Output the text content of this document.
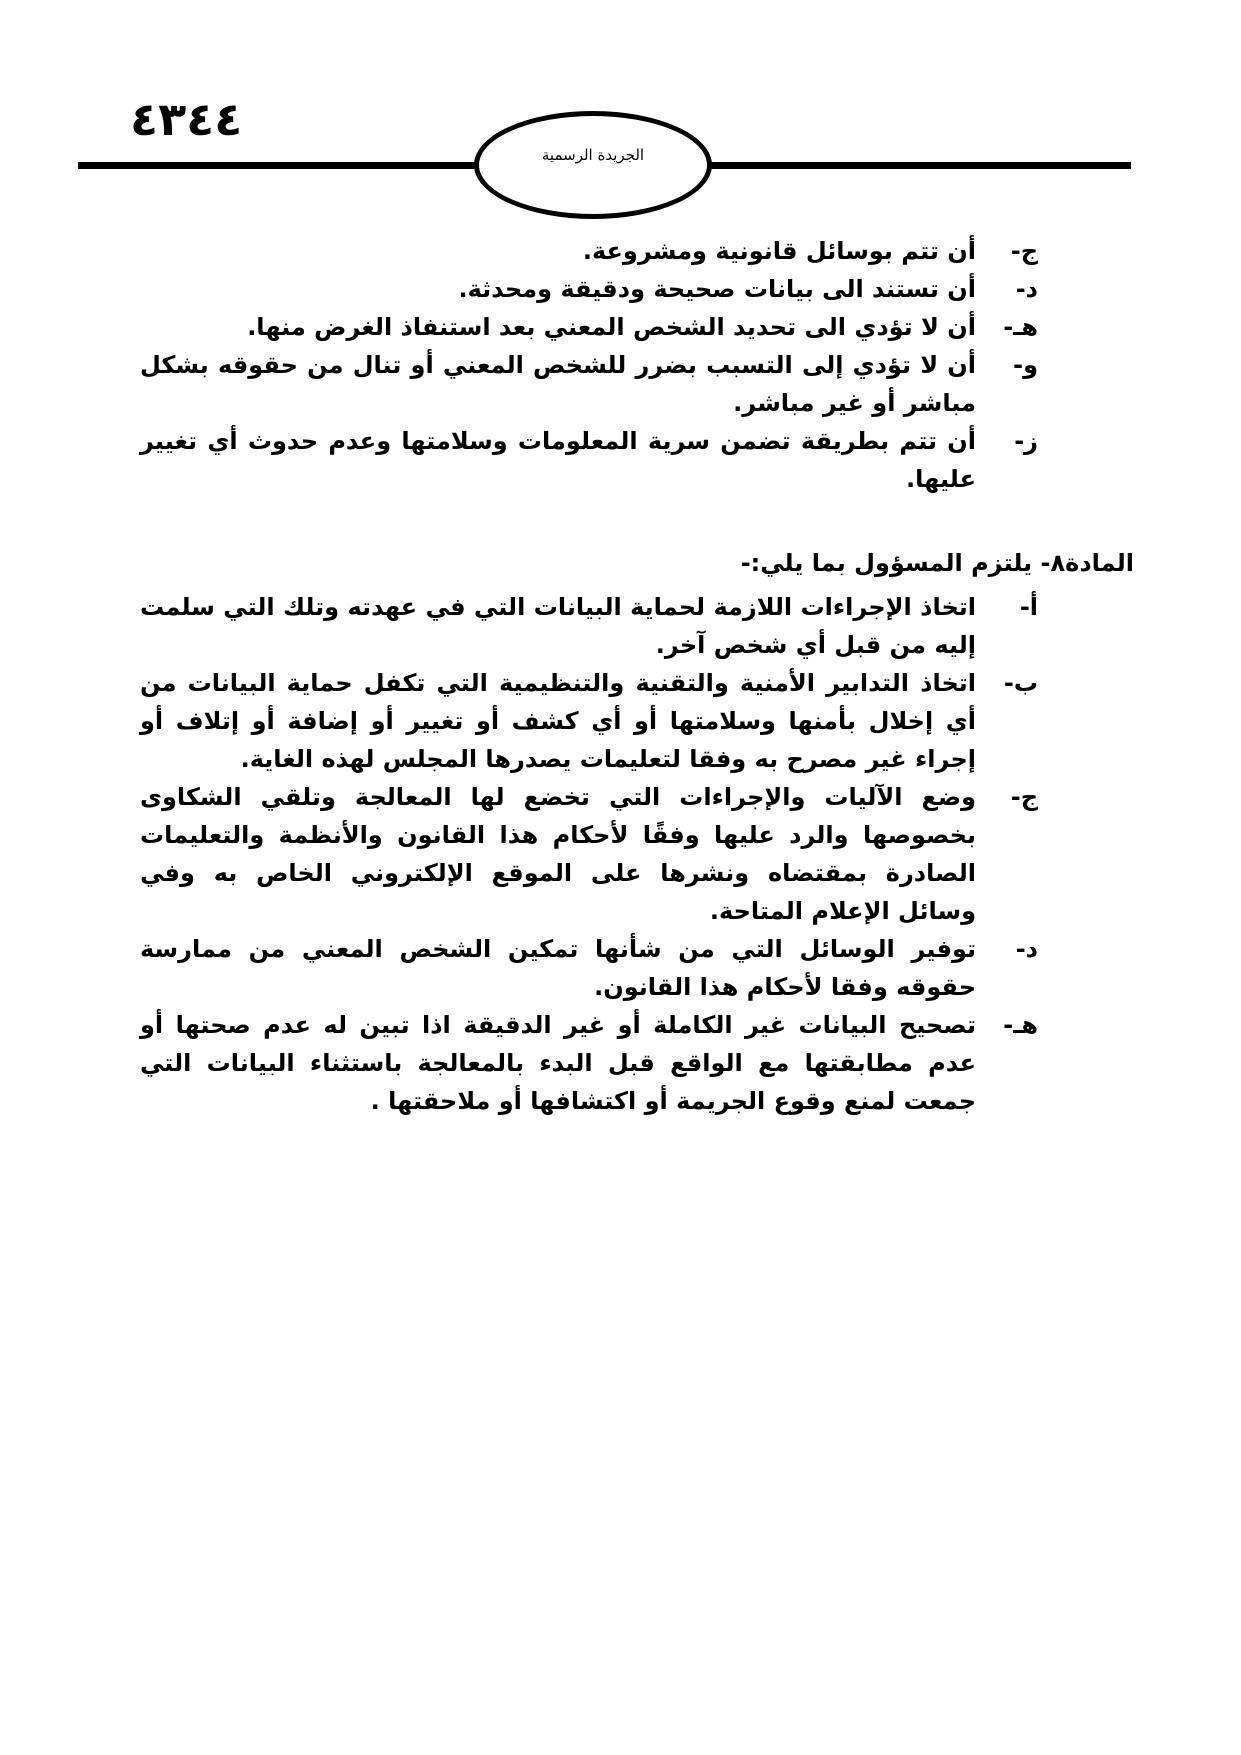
٤٣٤٤
الجريدة الرسمية
ج-
أن تتم بوسائل قانونية ومشروعة.
د-
أن تستند الى بيانات صحيحة ودقيقة ومحدثة.
هـ-
أن لا تؤدي الى تحديد الشخص المعني بعد استنفاذ الغرض منها.
و-
أن لا تؤدي إلى التسبب بضرر للشخص المعني أو تنال من حقوقه بشكل مباشر أو غير مباشر.
ز-
أن تتم بطريقة تضمن سرية المعلومات وسلامتها وعدم حدوث أي تغيير عليها.
المادة٨- يلتزم المسؤول بما يلي:-
أ-
اتخاذ الإجراءات اللازمة لحماية البيانات التي في عهدته وتلك التي سلمت إليه من قبل أي شخص آخر.
ب-
اتخاذ التدابير الأمنية والتقنية والتنظيمية التي تكفل حماية البيانات من أي إخلال بأمنها وسلامتها أو أي كشف أو تغيير أو إضافة أو إتلاف أو إجراء غير مصرح به وفقا لتعليمات يصدرها المجلس لهذه الغاية.
ج-
وضع الآليات والإجراءات التي تخضع لها المعالجة وتلقي الشكاوى بخصوصها والرد عليها وفقًا لأحكام هذا القانون والأنظمة والتعليمات الصادرة بمقتضاه ونشرها على الموقع الإلكتروني الخاص به وفي وسائل الإعلام المتاحة.
د-
توفير الوسائل التي من شأنها تمكين الشخص المعني من ممارسة حقوقه وفقا لأحكام هذا القانون.
هـ-
تصحيح البيانات غير الكاملة أو غير الدقيقة اذا تبين له عدم صحتها أو عدم مطابقتها مع الواقع قبل البدء بالمعالجة باستثناء البيانات التي جمعت لمنع وقوع الجريمة أو اكتشافها أو ملاحقتها .
